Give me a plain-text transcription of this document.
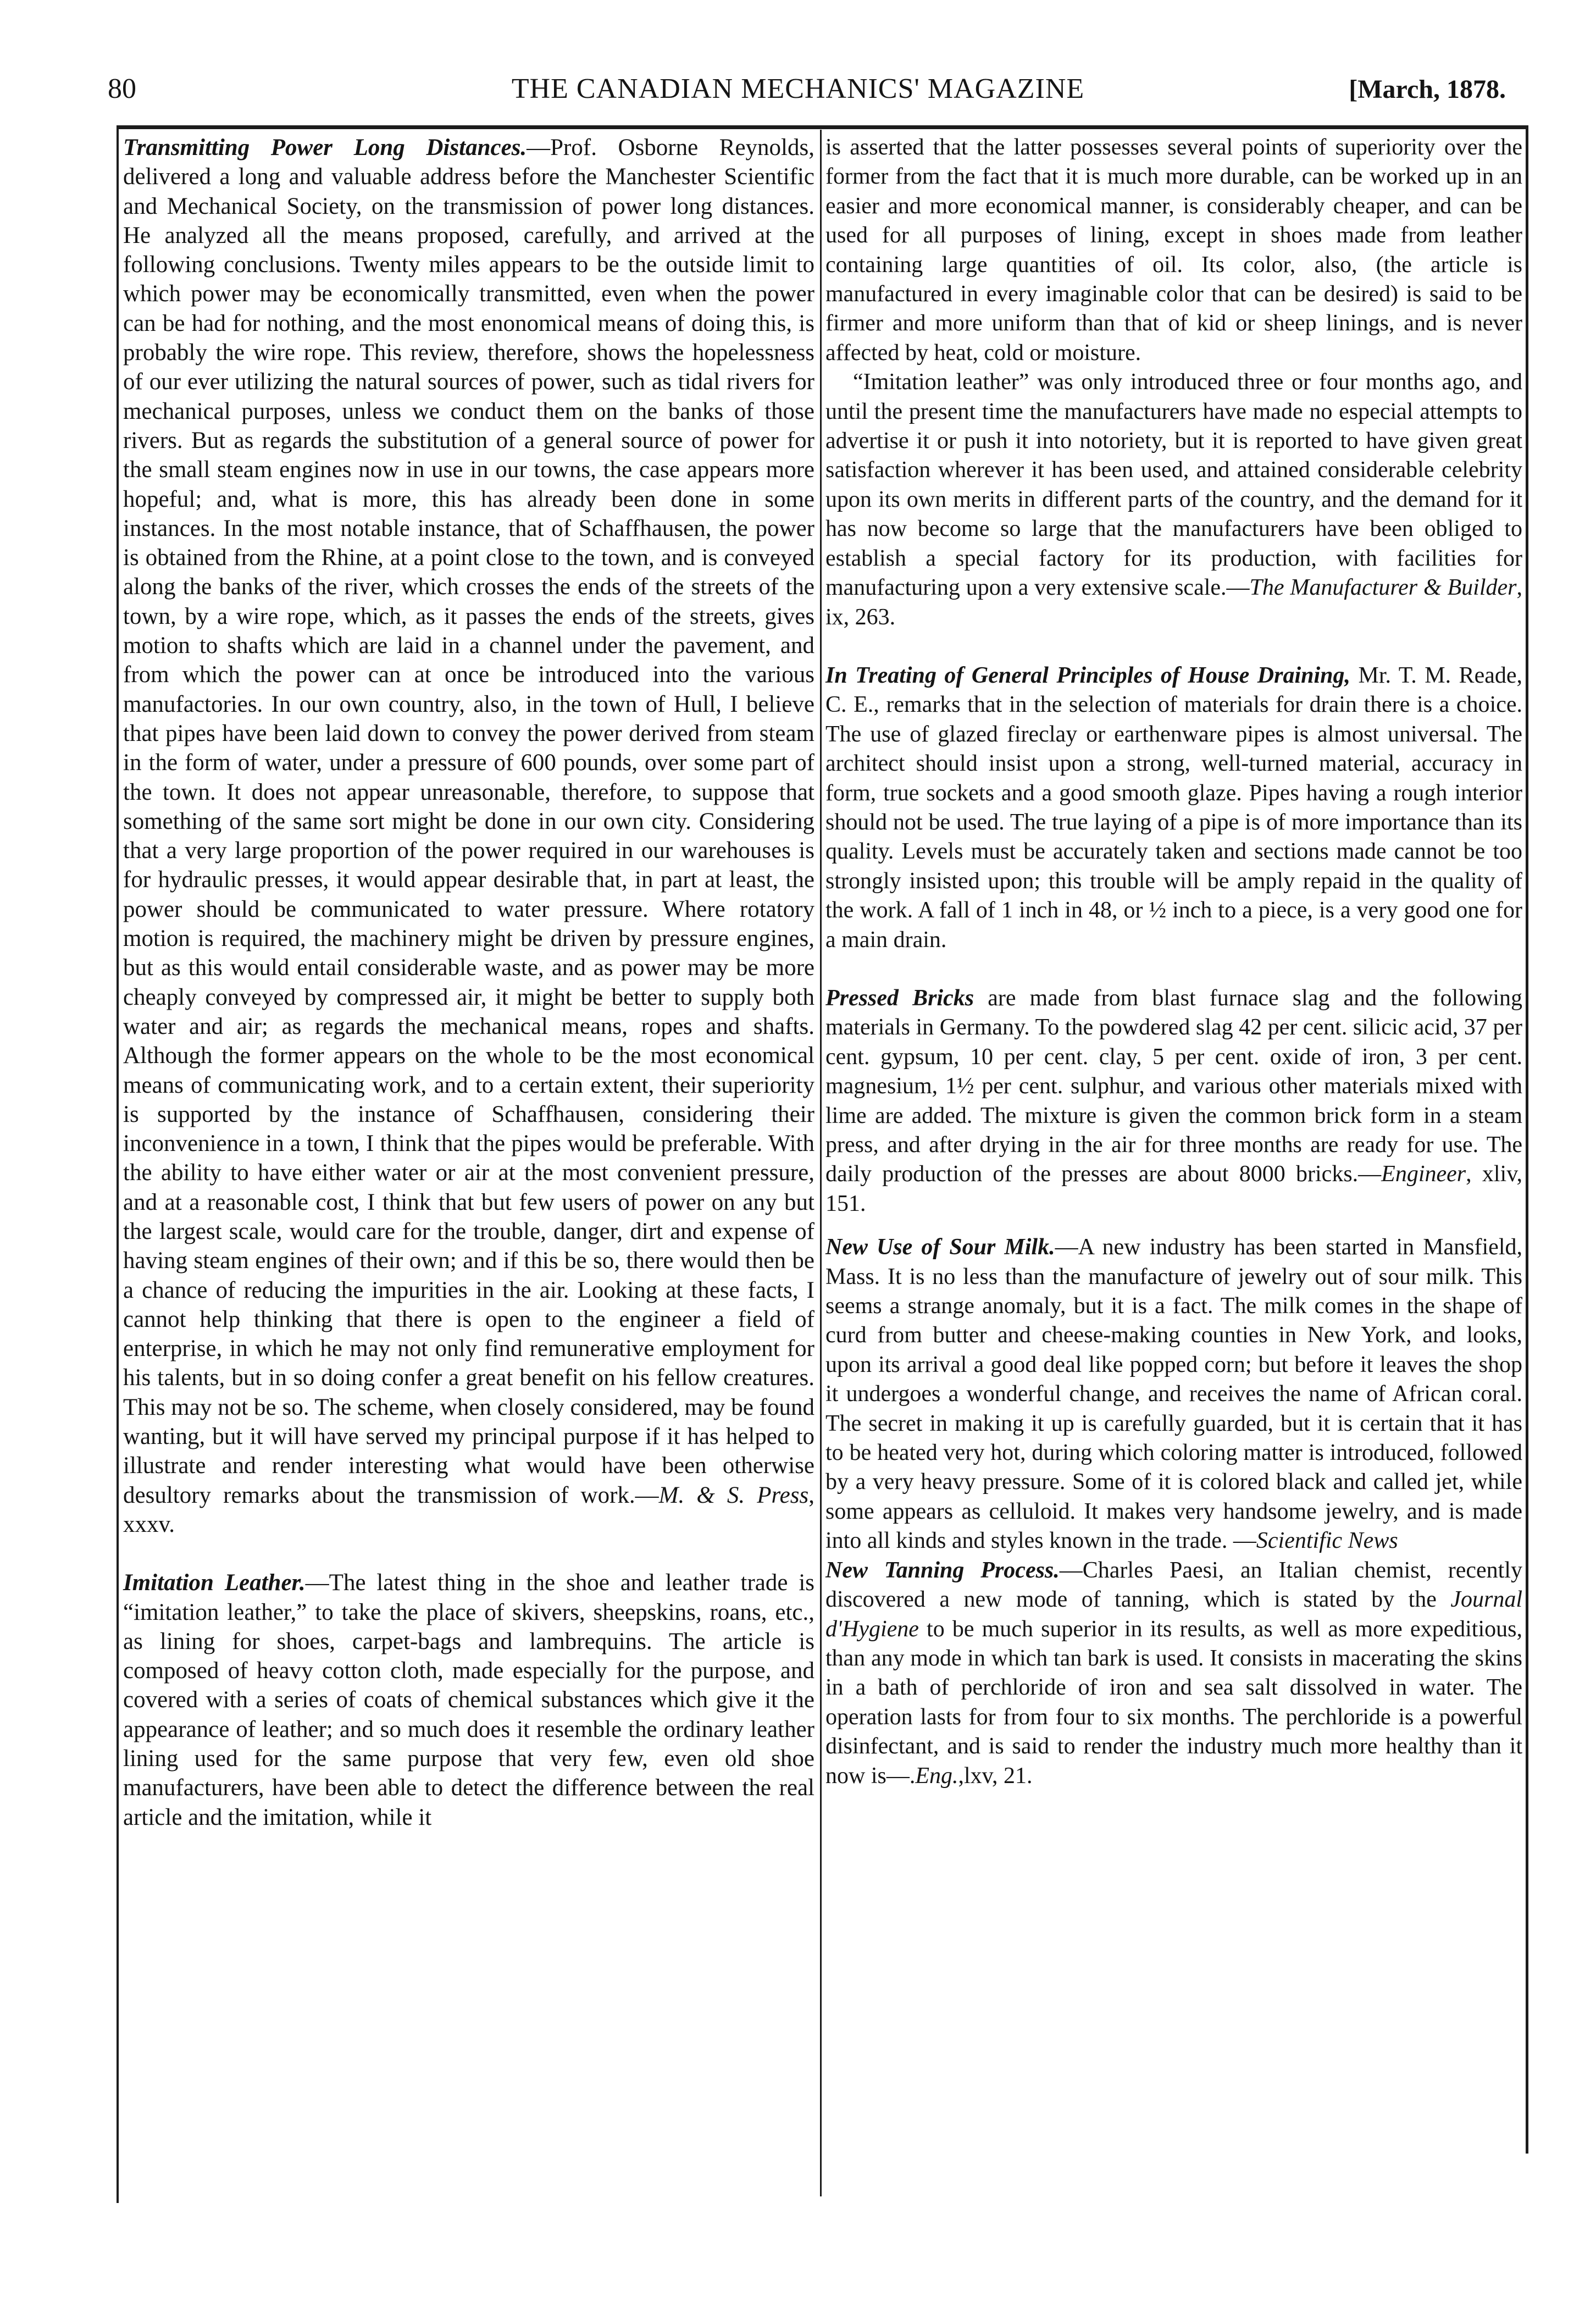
80	THE CANADIAN MECHANICS' MAGAZINE	[March, 1878.

Transmitting Power Long Distances.—Prof. Osborne Reynolds, delivered a long and valuable address before the Manchester Scientific and Mechanical Society, on the transmission of power long distances. He analyzed all the means proposed, carefully, and arrived at the following conclusions. Twenty miles appears to be the outside limit to which power may be economically transmitted, even when the power can be had for nothing, and the most enonomical means of doing this, is probably the wire rope. This review, therefore, shows the hopelessness of our ever utilizing the natural sources of power, such as tidal rivers for mechanical purposes, unless we conduct them on the banks of those rivers. But as regards the substitution of a general source of power for the small steam engines now in use in our towns, the case appears more hopeful; and, what is more, this has already been done in some instances. In the most notable instance, that of Schaffhausen, the power is obtained from the Rhine, at a point close to the town, and is conveyed along the banks of the river, which crosses the ends of the streets of the town, by a wire rope, which, as it passes the ends of the streets, gives motion to shafts which are laid in a channel under the pavement, and from which the power can at once be introduced into the various manufactories. In our own country, also, in the town of Hull, I believe that pipes have been laid down to convey the power derived from steam in the form of water, under a pressure of 600 pounds, over some part of the town. It does not appear unreasonable, therefore, to suppose that something of the same sort might be done in our own city. Considering that a very large proportion of the power required in our warehouses is for hydraulic presses, it would appear desirable that, in part at least, the power should be communicated to water pressure. Where rotatory motion is required, the machinery might be driven by pressure engines, but as this would entail considerable waste, and as power may be more cheaply conveyed by compressed air, it might be better to supply both water and air; as regards the mechanical means, ropes and shafts. Although the former appears on the whole to be the most economical means of communicating work, and to a certain extent, their superiority is supported by the instance of Schaffhausen, considering their inconvenience in a town, I think that the pipes would be preferable. With the ability to have either water or air at the most convenient pressure, and at a reasonable cost, I think that but few users of power on any but the largest scale, would care for the trouble, danger, dirt and expense of having steam engines of their own; and if this be so, there would then be a chance of reducing the impurities in the air. Looking at these facts, I cannot help thinking that there is open to the engineer a field of enterprise, in which he may not only find remunerative employment for his talents, but in so doing confer a great benefit on his fellow creatures. This may not be so. The scheme, when closely considered, may be found wanting, but it will have served my principal purpose if it has helped to illustrate and render interesting what would have been otherwise desultory remarks about the transmission of work.—M. & S. Press, xxxv.

Imitation Leather.—The latest thing in the shoe and leather trade is “imitation leather,” to take the place of skivers, sheepskins, roans, etc., as lining for shoes, carpet-bags and lambrequins. The article is composed of heavy cotton cloth, made especially for the purpose, and covered with a series of coats of chemical substances which give it the appearance of leather; and so much does it resemble the ordinary leather lining used for the same purpose that very few, even old shoe manufacturers, have been able to detect the difference between the real article and the imitation, while it

is asserted that the latter possesses several points of superiority over the former from the fact that it is much more durable, can be worked up in an easier and more economical manner, is considerably cheaper, and can be used for all purposes of lining, except in shoes made from leather containing large quantities of oil. Its color, also, (the article is manufactured in every imaginable color that can be desired) is said to be firmer and more uniform than that of kid or sheep linings, and is never affected by heat, cold or moisture.

“Imitation leather” was only introduced three or four months ago, and until the present time the manufacturers have made no especial attempts to advertise it or push it into notoriety, but it is reported to have given great satisfaction wherever it has been used, and attained considerable celebrity upon its own merits in different parts of the country, and the demand for it has now become so large that the manufacturers have been obliged to establish a special factory for its production, with facilities for manufacturing upon a very extensive scale.—The Manufacturer & Builder, ix, 263.

In Treating of General Principles of House Draining, Mr. T. M. Reade, C. E., remarks that in the selection of materials for drain there is a choice. The use of glazed fireclay or earthenware pipes is almost universal. The architect should insist upon a strong, well-turned material, accuracy in form, true sockets and a good smooth glaze. Pipes having a rough interior should not be used. The true laying of a pipe is of more importance than its quality. Levels must be accurately taken and sections made cannot be too strongly insisted upon; this trouble will be amply repaid in the quality of the work. A fall of 1 inch in 48, or ½ inch to a piece, is a very good one for a main drain.

Pressed Bricks are made from blast furnace slag and the following materials in Germany. To the powdered slag 42 per cent. silicic acid, 37 per cent. gypsum, 10 per cent. clay, 5 per cent. oxide of iron, 3 per cent. magnesium, 1½ per cent. sulphur, and various other materials mixed with lime are added. The mixture is given the common brick form in a steam press, and after drying in the air for three months are ready for use. The daily production of the presses are about 8000 bricks.—Engineer, xliv, 151.

New Use of Sour Milk.—A new industry has been started in Mansfield, Mass. It is no less than the manufacture of jewelry out of sour milk. This seems a strange anomaly, but it is a fact. The milk comes in the shape of curd from butter and cheese-making counties in New York, and looks, upon its arrival a good deal like popped corn; but before it leaves the shop it undergoes a wonderful change, and receives the name of African coral. The secret in making it up is carefully guarded, but it is certain that it has to be heated very hot, during which coloring matter is introduced, followed by a very heavy pressure. Some of it is colored black and called jet, while some appears as celluloid. It makes very handsome jewelry, and is made into all kinds and styles known in the trade. —Scientific News

New Tanning Process.—Charles Paesi, an Italian chemist, recently discovered a new mode of tanning, which is stated by the Journal d'Hygiene to be much superior in its results, as well as more expeditious, than any mode in which tan bark is used. It consists in macerating the skins in a bath of perchloride of iron and sea salt dissolved in water. The operation lasts for from four to six months. The perchloride is a powerful disinfectant, and is said to render the industry much more healthy than it now is—.Eng.,lxv, 21.
